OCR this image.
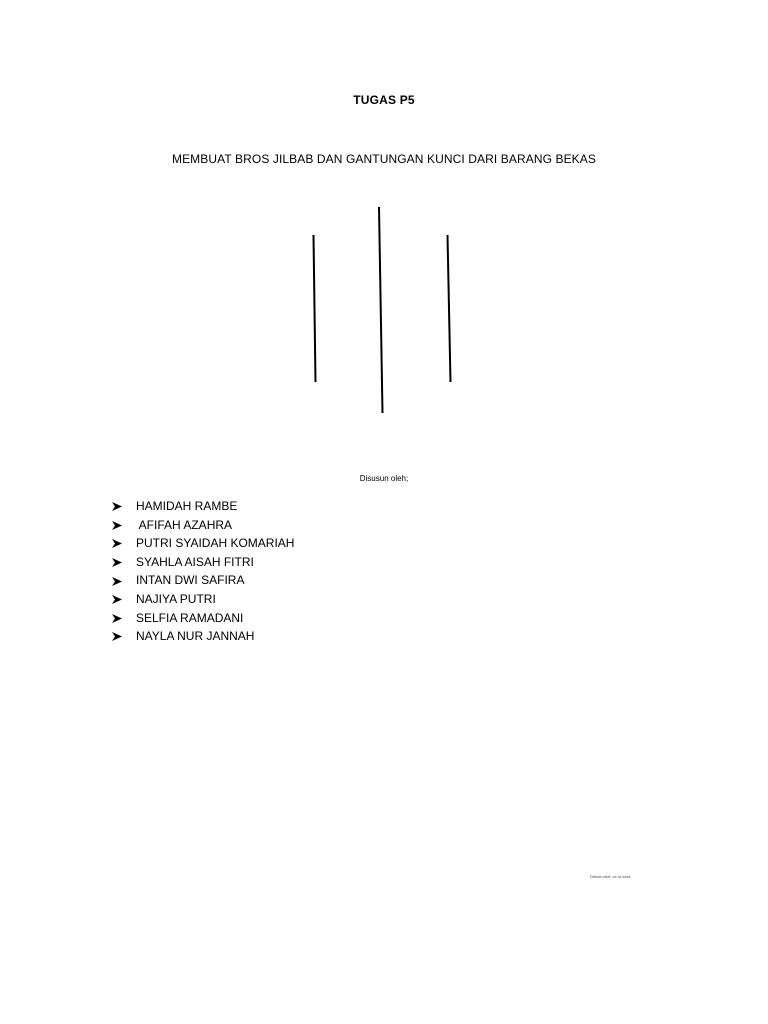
TUGAS P5
MEMBUAT BROS JILBAB DAN GANTUNGAN KUNCI DARI BARANG BEKAS
Disusun oleh;
HAMIDAH RAMBE
AFIFAH AZAHRA
PUTRI SYAIDAH KOMARIAH
SYAHLA AISAH FITRI
INTAN DWI SAFIRA
NAJIYA PUTRI
SELFIA RAMADANI
NAYLA NUR JANNAH
Dibuat oleh: xx.xx.xxxx
